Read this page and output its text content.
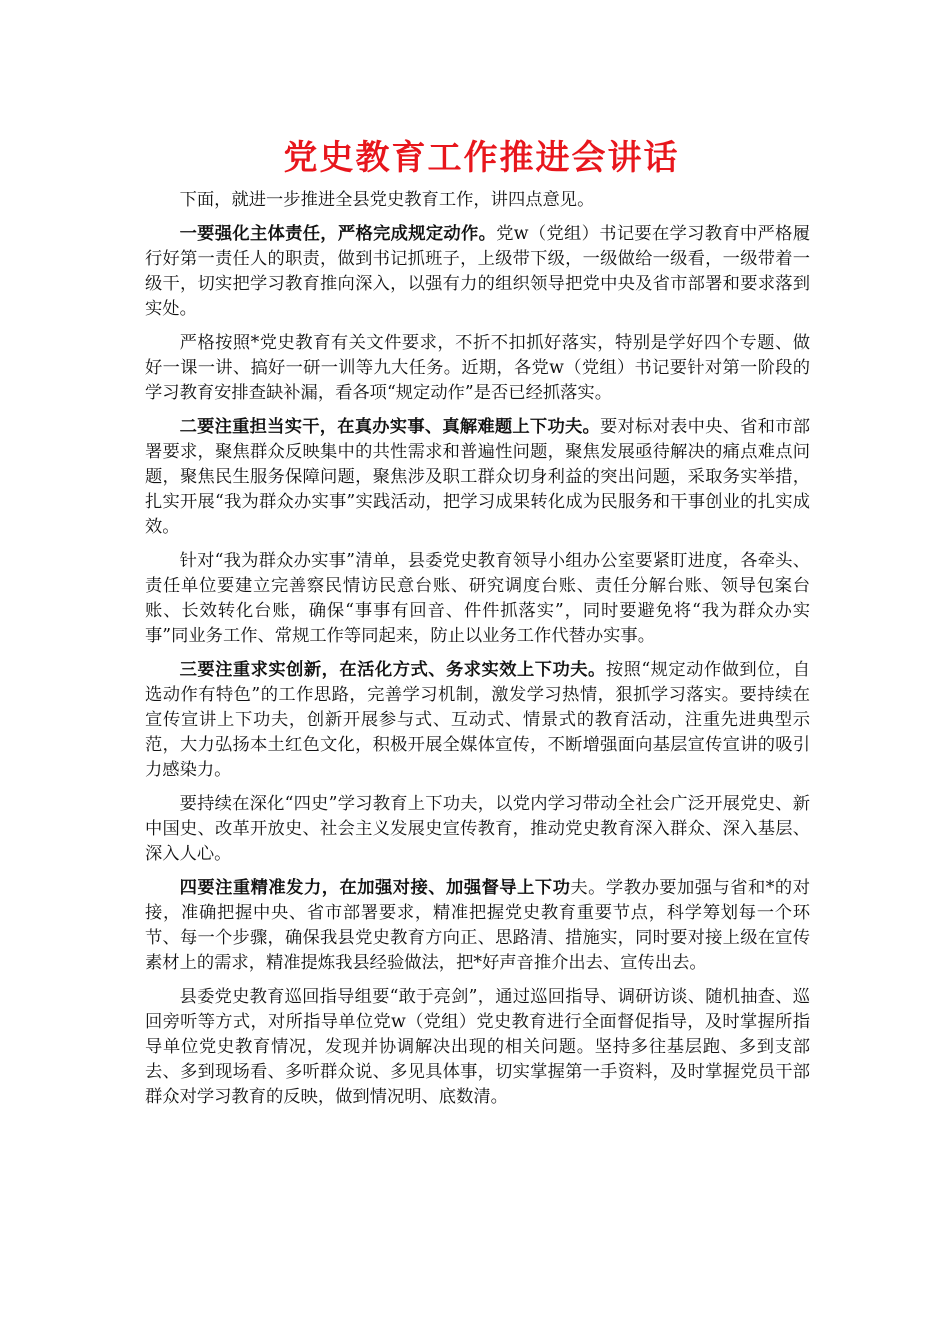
党史教育工作推进会讲话

下面，就进一步推进全县党史教育工作，讲四点意见。

一要强化主体责任，严格完成规定动作。党w（党组）书记要在学习教育中严格履行好第一责任人的职责，做到书记抓班子，上级带下级，一级做给一级看，一级带着一级干，切实把学习教育推向深入，以强有力的组织领导把党中央及省市部署和要求落到实处。

严格按照*党史教育有关文件要求，不折不扣抓好落实，特别是学好四个专题、做好一课一讲、搞好一研一训等九大任务。近期，各党w（党组）书记要针对第一阶段的学习教育安排查缺补漏，看各项“规定动作”是否已经抓落实。

二要注重担当实干，在真办实事、真解难题上下功夫。要对标对表中央、省和市部署要求，聚焦群众反映集中的共性需求和普遍性问题，聚焦发展亟待解决的痛点难点问题，聚焦民生服务保障问题，聚焦涉及职工群众切身利益的突出问题，采取务实举措，扎实开展“我为群众办实事”实践活动，把学习成果转化成为民服务和干事创业的扎实成效。

针对“我为群众办实事”清单，县委党史教育领导小组办公室要紧盯进度，各牵头、责任单位要建立完善察民情访民意台账、研究调度台账、责任分解台账、领导包案台账、长效转化台账，确保“事事有回音、件件抓落实”，同时要避免将“我为群众办实事”同业务工作、常规工作等同起来，防止以业务工作代替办实事。

三要注重求实创新，在活化方式、务求实效上下功夫。按照“规定动作做到位，自选动作有特色”的工作思路，完善学习机制，激发学习热情，狠抓学习落实。要持续在宣传宣讲上下功夫，创新开展参与式、互动式、情景式的教育活动，注重先进典型示范，大力弘扬本土红色文化，积极开展全媒体宣传，不断增强面向基层宣传宣讲的吸引力感染力。

要持续在深化“四史”学习教育上下功夫，以党内学习带动全社会广泛开展党史、新中国史、改革开放史、社会主义发展史宣传教育，推动党史教育深入群众、深入基层、深入人心。

四要注重精准发力，在加强对接、加强督导上下功夫。学教办要加强与省和*的对接，准确把握中央、省市部署要求，精准把握党史教育重要节点，科学筹划每一个环节、每一个步骤，确保我县党史教育方向正、思路清、措施实，同时要对接上级在宣传素材上的需求，精准提炼我县经验做法，把*好声音推介出去、宣传出去。

县委党史教育巡回指导组要“敢于亮剑”，通过巡回指导、调研访谈、随机抽查、巡回旁听等方式，对所指导单位党w（党组）党史教育进行全面督促指导，及时掌握所指导单位党史教育情况，发现并协调解决出现的相关问题。坚持多往基层跑、多到支部去、多到现场看、多听群众说、多见具体事，切实掌握第一手资料，及时掌握党员干部群众对学习教育的反映，做到情况明、底数清。
